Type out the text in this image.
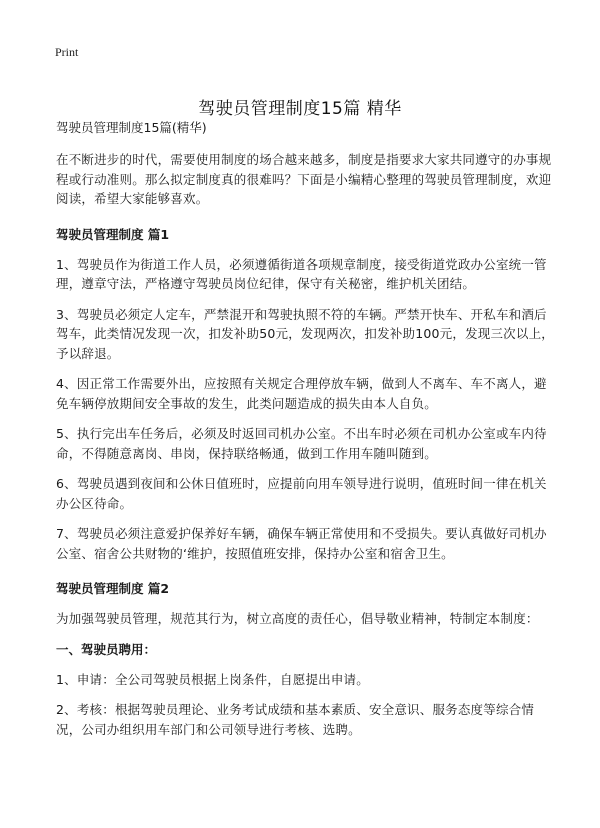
Print
驾驶员管理制度15篇 精华
驾驶员管理制度15篇(精华)

在不断进步的时代，需要使用制度的场合越来越多，制度是指要求大家共同遵守的办事规程或行动准则。那么拟定制度真的很难吗？下面是小编精心整理的驾驶员管理制度，欢迎阅读，希望大家能够喜欢。

驾驶员管理制度 篇1

1、驾驶员作为街道工作人员，必须遵循街道各项规章制度，接受街道党政办公室统一管理，遵章守法，严格遵守驾驶员岗位纪律，保守有关秘密，维护机关团结。

3、驾驶员必须定人定车，严禁混开和驾驶执照不符的车辆。严禁开快车、开私车和酒后驾车，此类情况发现一次，扣发补助50元，发现两次，扣发补助100元，发现三次以上，予以辞退。

4、因正常工作需要外出，应按照有关规定合理停放车辆，做到人不离车、车不离人，避免车辆停放期间安全事故的发生，此类问题造成的损失由本人自负。

5、执行完出车任务后，必须及时返回司机办公室。不出车时必须在司机办公室或车内待命，不得随意离岗、串岗，保持联络畅通，做到工作用车随叫随到。

6、驾驶员遇到夜间和公休日值班时，应提前向用车领导进行说明，值班时间一律在机关办公区待命。

7、驾驶员必须注意爱护保养好车辆，确保车辆正常使用和不受损失。要认真做好司机办公室、宿舍公共财物的‘维护，按照值班安排，保持办公室和宿舍卫生。

驾驶员管理制度 篇2

为加强驾驶员管理，规范其行为，树立高度的责任心，倡导敬业精神，特制定本制度：

一、驾驶员聘用：

1、申请：全公司驾驶员根据上岗条件，自愿提出申请。

2、考核：根据驾驶员理论、业务考试成绩和基本素质、安全意识、服务态度等综合情况，公司办组织用车部门和公司领导进行考核、选聘。
